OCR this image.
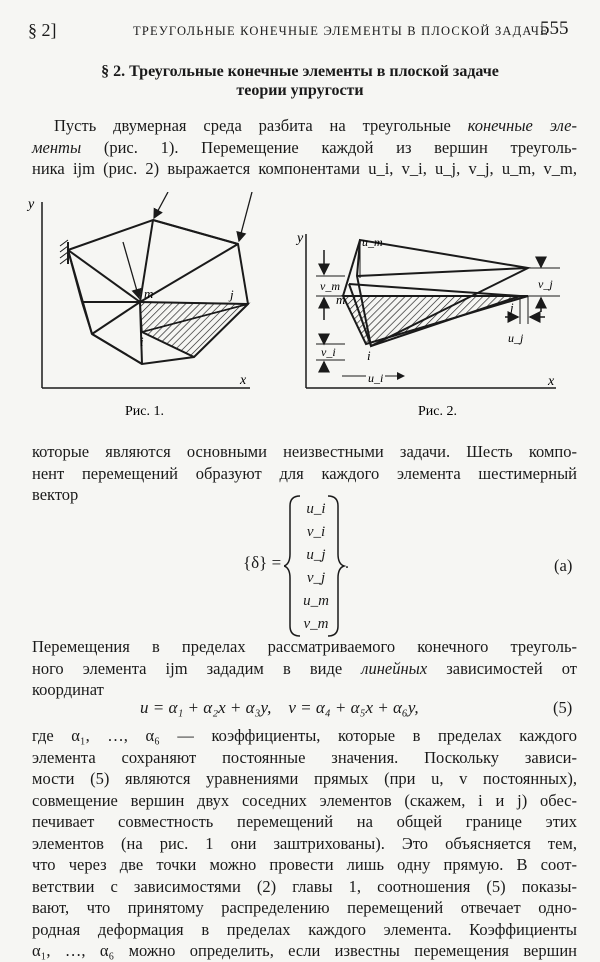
§ 2]	ТРЕУГОЛЬНЫЕ КОНЕЧНЫЕ ЭЛЕМЕНТЫ В ПЛОСКОЙ ЗАДАЧЕ
555
§ 2. Треугольные конечные элементы в плоской задаче
теории упругости
Пусть двумерная среда разбита на треугольные конечные эле-
менты (рис. 1). Перемещение каждой из вершин треуголь-
ника ijm (рис. 2) выражается компонентами u_i, v_i, u_j, v_j, u_m, v_m,
y
x
m	j
i
Рис. 1.
y
x
u_m
v_m
v_i
u_i
v_j
u_j
m
j
i
Рис. 2.
которые являются основными неизвестными задачи. Шесть компо-
нент перемещений образуют для каждого элемента шестимерный
вектор
{δ} =
u_i
v_i
u_j
v_j
u_m
v_m
.	(a)
Перемещения в пределах рассматриваемого конечного треуголь-
ного элемента ijm зададим в виде линейных зависимостей от
координат
u = α₁ + α₂x + α₃y,    v = α₄ + α₅x + α₆y,	(5)
где α₁, …, α₆ — коэффициенты, которые в пределах каждого
элемента сохраняют постоянные значения. Поскольку зависи-
мости (5) являются уравнениями прямых (при u, v постоянных),
совмещение вершин двух соседних элементов (скажем, i и j) обес-
печивает совместность перемещений на общей границе этих
элементов (на рис. 1 они заштрихованы). Это объясняется тем,
что через две точки можно провести лишь одну прямую. В соот-
ветствии с зависимостями (2) главы 1, соотношения (5) показы-
вают, что принятому распределению перемещений отвечает одно-
родная деформация в пределах каждого элемента. Коэффициенты
α₁, …, α₆ можно определить, если известны перемещения вершин
